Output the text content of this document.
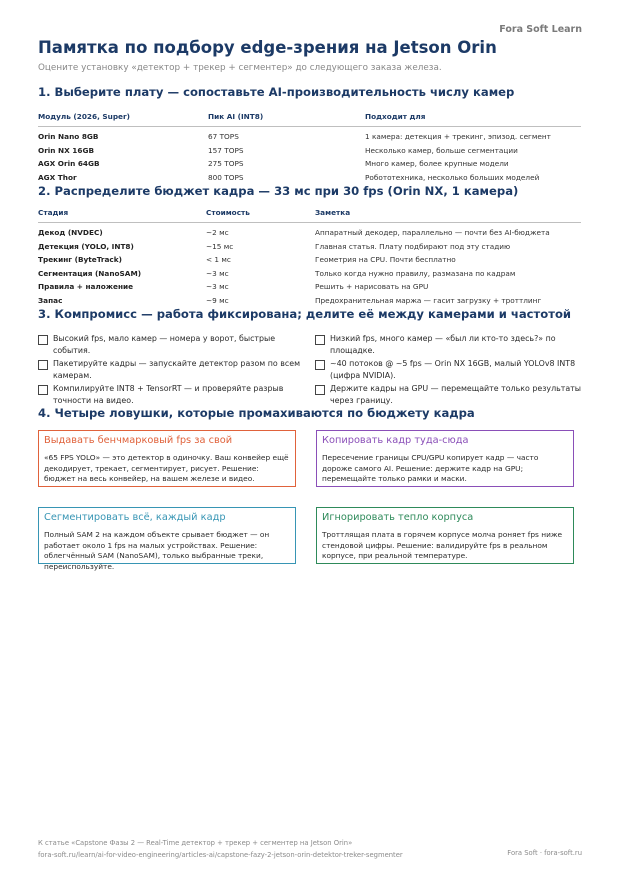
Fora Soft Learn
Памятка по подбору edge-зрения на Jetson Orin
Оцените установку «детектор + трекер + сегментер» до следующего заказа железа.
1. Выберите плату — сопоставьте AI-производительность числу камер
Модуль (2026, Super)	Пик AI (INT8)	Подходит для
Orin Nano 8GB	67 TOPS	1 камера: детекция + трекинг, эпизод. сегмент
Orin NX 16GB	157 TOPS	Несколько камер, больше сегментации
AGX Orin 64GB	275 TOPS	Много камер, более крупные модели
AGX Thor	800 TOPS	Робототехника, несколько больших моделей
2. Распределите бюджет кадра — 33 мс при 30 fps (Orin NX, 1 камера)
Стадия	Стоимость	Заметка
Декод (NVDEC)	~2 мс	Аппаратный декодер, параллельно — почти без AI-бюджета
Детекция (YOLO, INT8)	~15 мс	Главная статья. Плату подбирают под эту стадию
Трекинг (ByteTrack)	< 1 мс	Геометрия на CPU. Почти бесплатно
Сегментация (NanoSAM)	~3 мс	Только когда нужно правилу, размазана по кадрам
Правила + наложение	~3 мс	Решить + нарисовать на GPU
Запас	~9 мс	Предохранительная маржа — гасит загрузку + троттлинг
3. Компромисс — работа фиксирована; делите её между камерами и частотой
Высокий fps, мало камер — номера у ворот, быстрые события.
Пакетируйте кадры — запускайте детектор разом по всем камерам.
Компилируйте INT8 + TensorRT — и проверяйте разрыв точности на видео.
Низкий fps, много камер — «был ли кто-то здесь?» по площадке.
~40 потоков @ ~5 fps — Orin NX 16GB, малый YOLOv8 INT8 (цифра NVIDIA).
Держите кадры на GPU — перемещайте только результаты через границу.
4. Четыре ловушки, которые промахиваются по бюджету кадра
Выдавать бенчмарковый fps за свой
«65 FPS YOLO» — это детектор в одиночку. Ваш конвейер ещё декодирует, трекает, сегментирует, рисует. Решение: бюджет на весь конвейер, на вашем железе и видео.
Копировать кадр туда-сюда
Пересечение границы CPU/GPU копирует кадр — часто дороже самого AI. Решение: держите кадр на GPU; перемещайте только рамки и маски.
Сегментировать всё, каждый кадр
Полный SAM 2 на каждом объекте срывает бюджет — он работает около 1 fps на малых устройствах. Решение: облегчённый SAM (NanoSAM), только выбранные треки, переиспользуйте.
Игнорировать тепло корпуса
Троттлящая плата в горячем корпусе молча роняет fps ниже стендовой цифры. Решение: валидируйте fps в реальном корпусе, при реальной температуре.
К статье «Capstone Фазы 2 — Real-Time детектор + трекер + сегментер на Jetson Orin»
fora-soft.ru/learn/ai-for-video-engineering/articles-ai/capstone-fazy-2-jetson-orin-detektor-treker-segmenter	Fora Soft · fora-soft.ru
